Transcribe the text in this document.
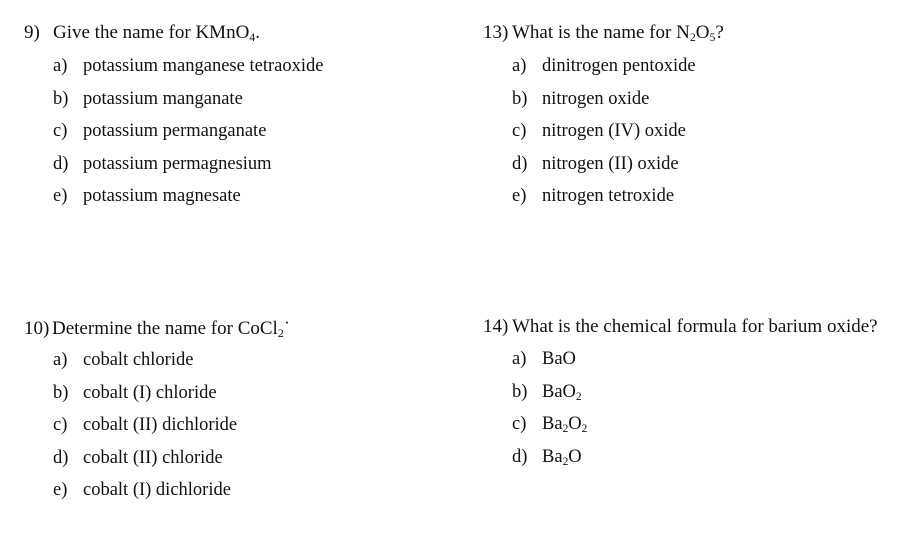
9) Give the name for KMnO$_4$.
a) potassium manganese tetraoxide
b) potassium manganate
c) potassium permanganate
d) potassium permagnesium
e) potassium magnesate
13) What is the name for $N_2O_5$?
a) dinitrogen pentoxide
b) nitrogen oxide
c) nitrogen (IV) oxide
d) nitrogen (II) oxide
e) nitrogen tetroxide
10) Determine the name for CoCl$_2$˙
a) cobalt chloride
b) cobalt (I) chloride
c) cobalt (II) dichloride
d) cobalt (II) chloride
e) cobalt (I) dichloride
14) What is the chemical formula for barium oxide?
a) BaO
b) BaO$_2$
c) $Ba_2O_2$
d) $Ba_2O$
